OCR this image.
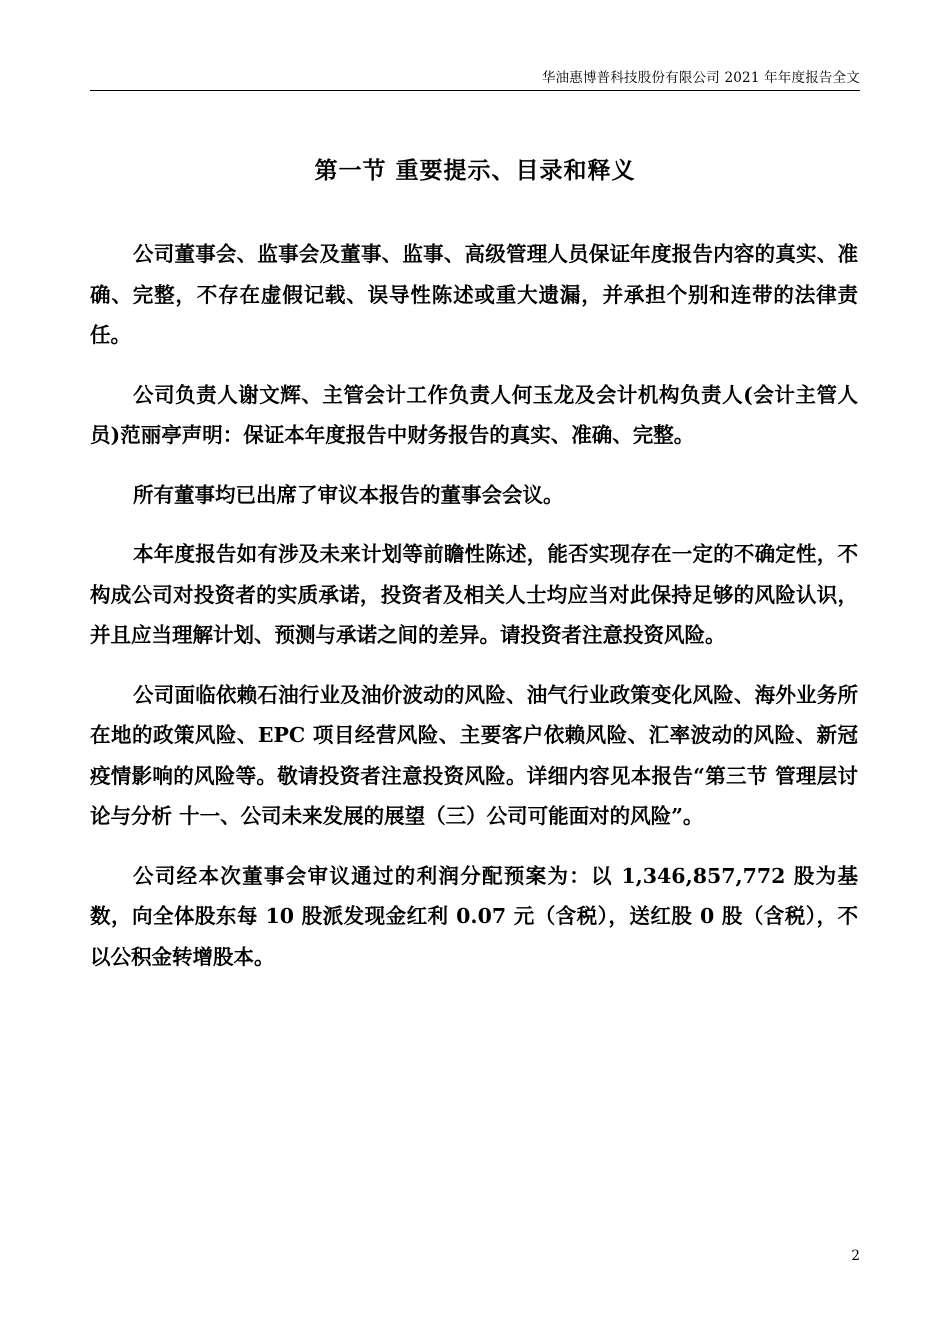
华油惠博普科技股份有限公司 2021 年年度报告全文
第一节 重要提示、目录和释义

公司董事会、监事会及董事、监事、高级管理人员保证年度报告内容的真实、准确、完整，不存在虚假记载、误导性陈述或重大遗漏，并承担个别和连带的法律责任。

公司负责人谢文辉、主管会计工作负责人何玉龙及会计机构负责人(会计主管人员)范丽亭声明：保证本年度报告中财务报告的真实、准确、完整。

所有董事均已出席了审议本报告的董事会会议。

本年度报告如有涉及未来计划等前瞻性陈述，能否实现存在一定的不确定性，不构成公司对投资者的实质承诺，投资者及相关人士均应当对此保持足够的风险认识，并且应当理解计划、预测与承诺之间的差异。请投资者注意投资风险。

公司面临依赖石油行业及油价波动的风险、油气行业政策变化风险、海外业务所在地的政策风险、EPC 项目经营风险、主要客户依赖风险、汇率波动的风险、新冠疫情影响的风险等。敬请投资者注意投资风险。详细内容见本报告“第三节 管理层讨论与分析 十一、公司未来发展的展望（三）公司可能面对的风险”。

公司经本次董事会审议通过的利润分配预案为：以 1,346,857,772 股为基数，向全体股东每 10 股派发现金红利 0.07 元（含税），送红股 0 股（含税），不以公积金转增股本。

2
